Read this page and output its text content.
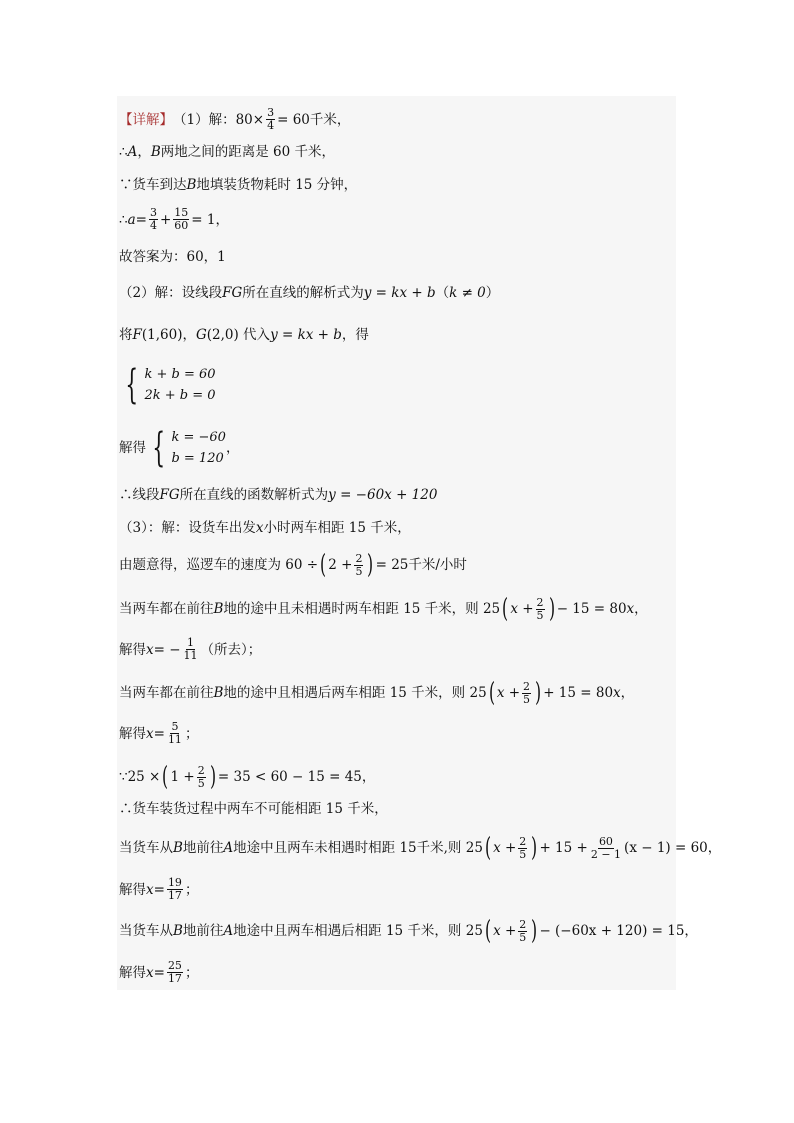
【详解】 （1）解：$80\times \frac{3}{4} = 60$千米，
∴ A ， B 两地之间的距离是 60 千米，
∵货车到达 B 地填装货物耗时 15 分钟，
∴ $a = \frac{3}{4} + \frac{15}{60} = 1$，
故答案为：60，1
（2）解：设线段 FG 所在直线的解析式为 y = kx + b （ k ≠ 0 ）
将 F (1,60)， G (2,0) 代入 y = kx + b ，得
{ k + b = 60
2k + b = 0
解得 { k = −60
b = 120
，
∴线段 FG 所在直线的函数解析式为 y = −60x + 120
（3）：解：设货车出发 x 小时两车相距 15 千米，
由题意得，巡逻车的速度为 60 ÷ ( $2 + \frac{2}{5}$ ) = 25千米/小时
当两车都在前往 B 地的途中且未相遇时两车相距 15 千米，则 25 ( $x + \frac{2}{5}$ ) − 15 = 80 x ，
解得 x = − $\frac{1}{11}$ （所去）；
当两车都在前往 B 地的途中且相遇后两车相距 15 千米，则 25 ( $x + \frac{2}{5}$ ) + 15 = 80 x ，
解得 $x = \frac{5}{11}$ ；
∵25 × ( $1 + \frac{2}{5}$ ) = 35 < 60 − 15 = 45，
∴货车装货过程中两车不可能相距 15 千米，
当货车从 B 地前往 A 地途中且两车未相遇时相距 15千米,则 25 ( $x + \frac{2}{5}$ ) + $15 + \frac{60}{2 - 1} (x - 1) = 60$，
解得 $x = \frac{19}{17}$ ；
当货车从 B 地前往 A 地途中且两车相遇后相距 15 千米，则 25 ( $x + \frac{2}{5}$ ) − (−60x + 120) = 15，
解得 $x = \frac{25}{17}$ ；
